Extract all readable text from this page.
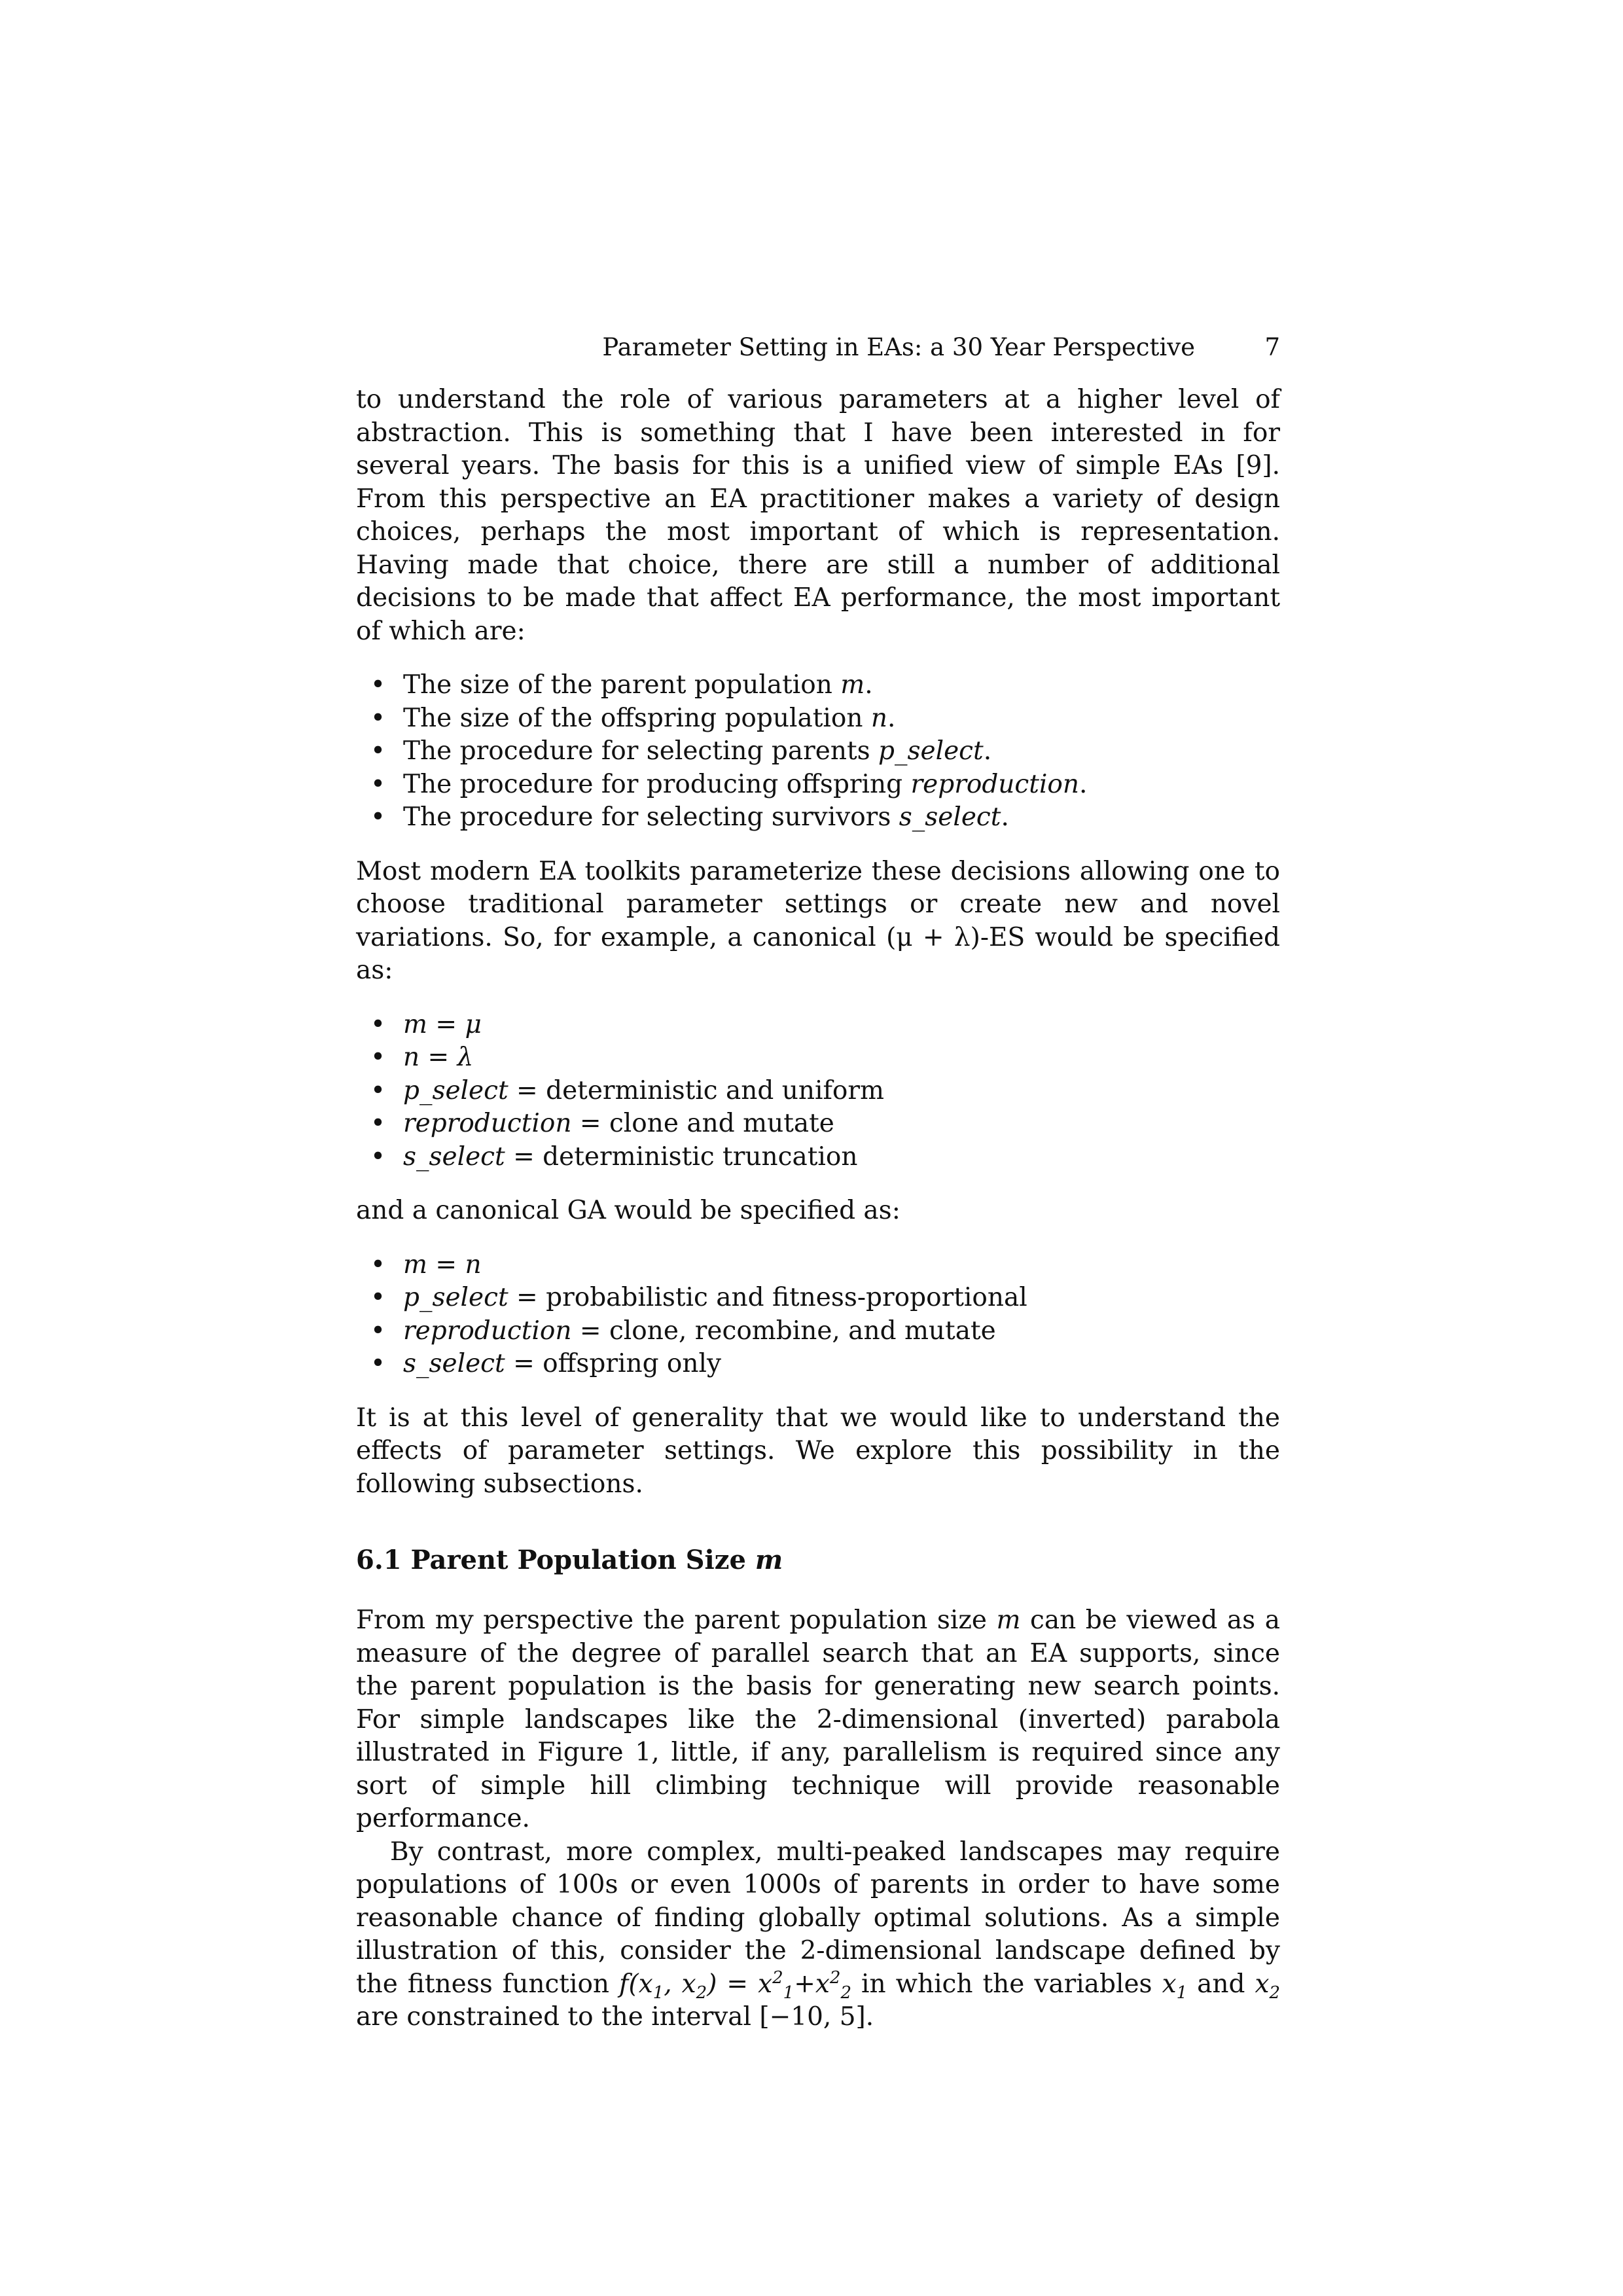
Parameter Setting in EAs: a 30 Year Perspective	7

to understand the role of various parameters at a higher level of abstraction. This is something that I have been interested in for several years. The basis for this is a unified view of simple EAs [9]. From this perspective an EA practitioner makes a variety of design choices, perhaps the most important of which is representation. Having made that choice, there are still a number of additional decisions to be made that affect EA performance, the most important of which are:

• The size of the parent population m.
• The size of the offspring population n.
• The procedure for selecting parents p_select.
• The procedure for producing offspring reproduction.
• The procedure for selecting survivors s_select.

Most modern EA toolkits parameterize these decisions allowing one to choose traditional parameter settings or create new and novel variations. So, for example, a canonical (μ + λ)-ES would be specified as:

• m = μ
• n = λ
• p_select = deterministic and uniform
• reproduction = clone and mutate
• s_select = deterministic truncation

and a canonical GA would be specified as:

• m = n
• p_select = probabilistic and fitness-proportional
• reproduction = clone, recombine, and mutate
• s_select = offspring only

It is at this level of generality that we would like to understand the effects of parameter settings. We explore this possibility in the following subsections.

6.1 Parent Population Size m

From my perspective the parent population size m can be viewed as a measure of the degree of parallel search that an EA supports, since the parent population is the basis for generating new search points. For simple landscapes like the 2-dimensional (inverted) parabola illustrated in Figure 1, little, if any, parallelism is required since any sort of simple hill climbing technique will provide reasonable performance.

By contrast, more complex, multi-peaked landscapes may require populations of 100s or even 1000s of parents in order to have some reasonable chance of finding globally optimal solutions. As a simple illustration of this, consider the 2-dimensional landscape defined by the fitness function $f(x_1$, $x_2) = x^2_1+x^2_2$ in which the variables $x_1$ and $x_2$ are constrained to the interval [−10, 5].
